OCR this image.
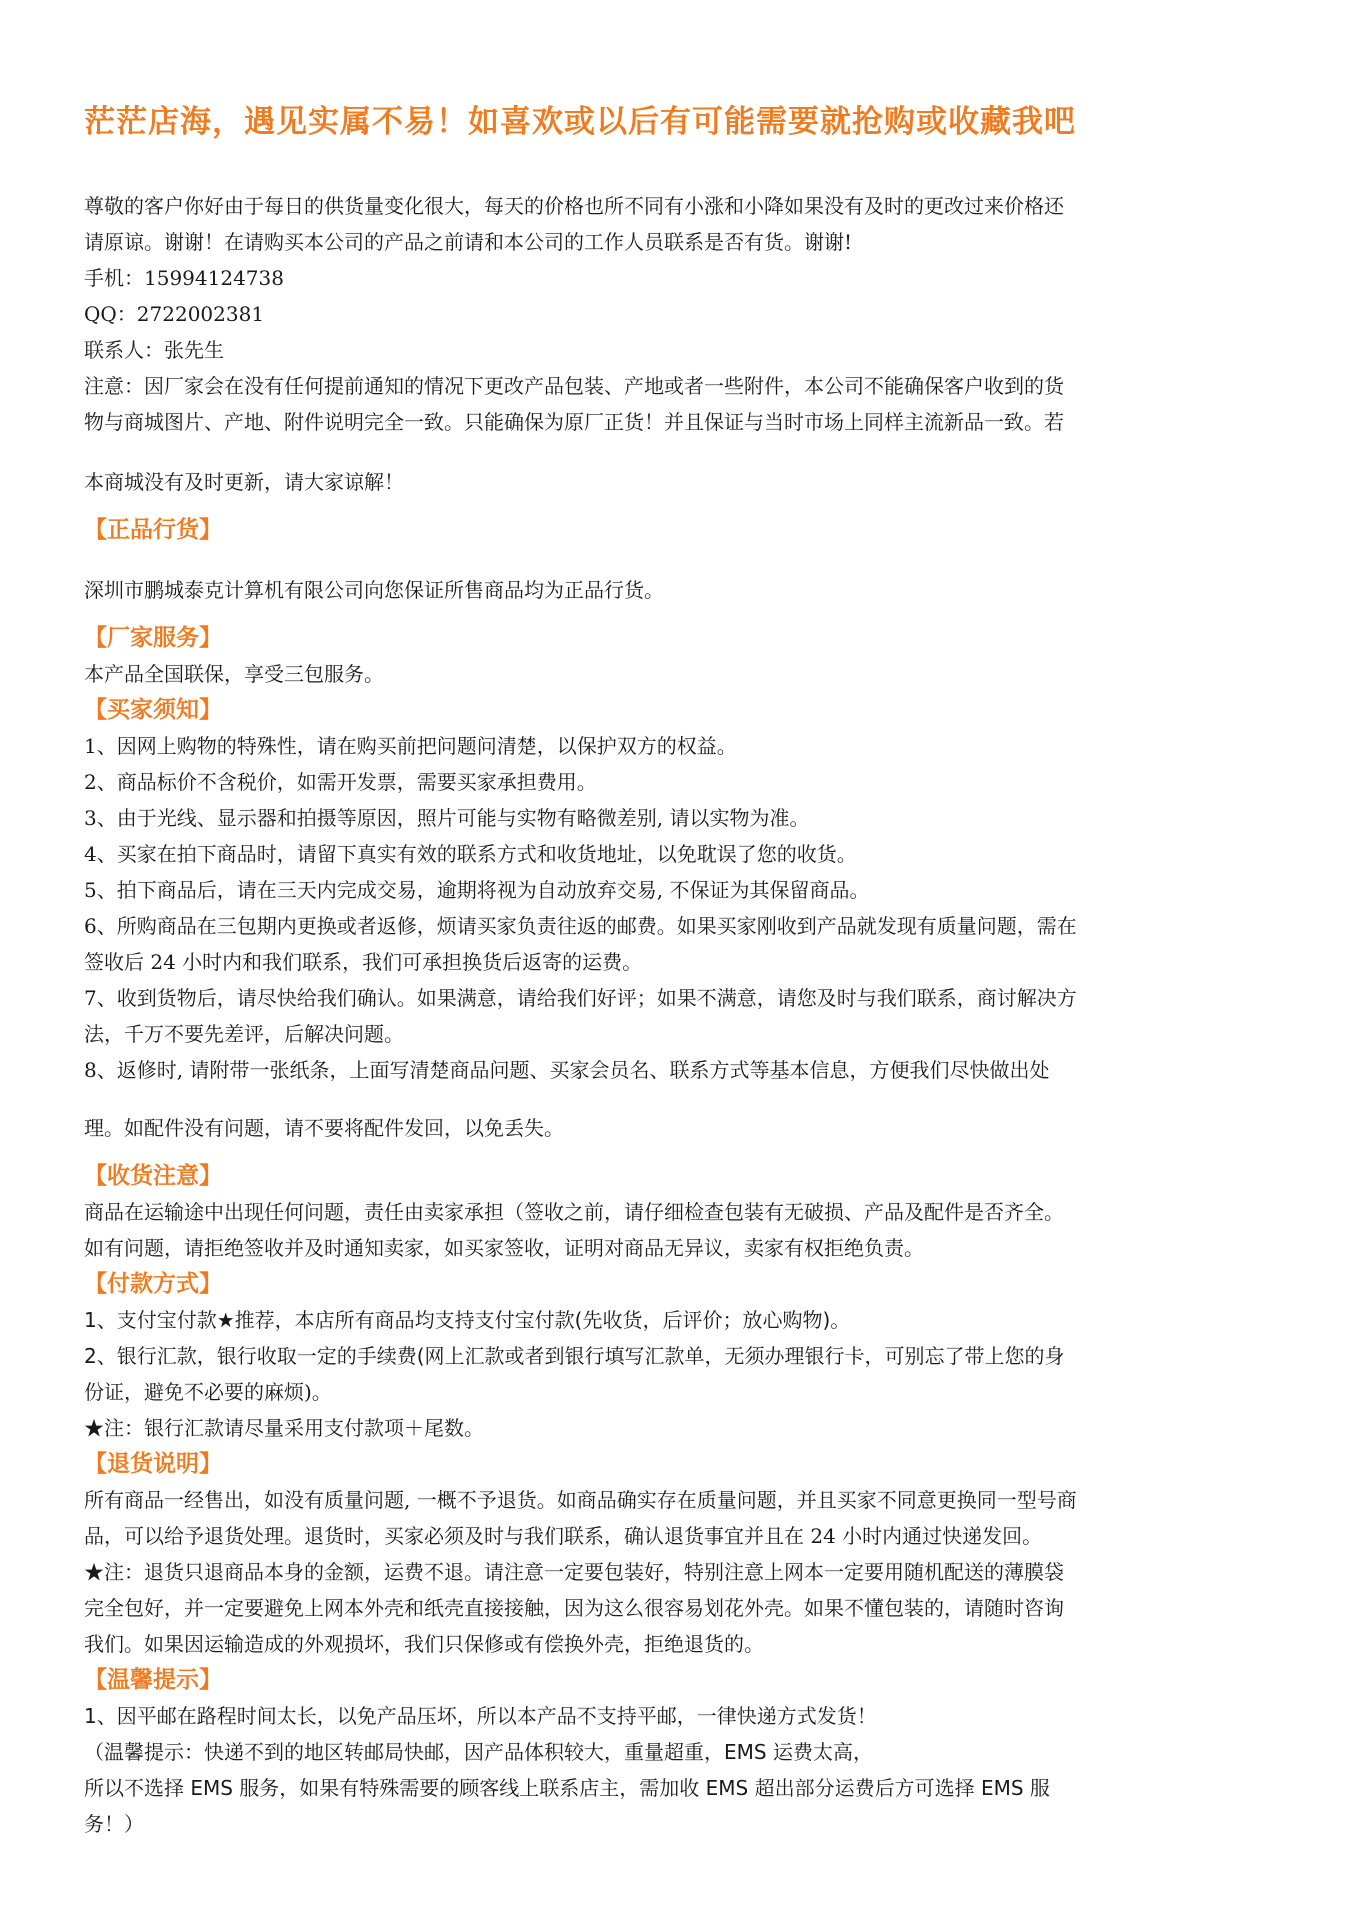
茫茫店海，遇见实属不易！如喜欢或以后有可能需要就抢购或收藏我吧

尊敬的客户你好由于每日的供货量变化很大，每天的价格也所不同有小涨和小降如果没有及时的更改过来价格还

请原谅。谢谢！在请购买本公司的产品之前请和本公司的工作人员联系是否有货。谢谢!

手机：15994124738

QQ：2722002381

联系人：张先生

注意：因厂家会在没有任何提前通知的情况下更改产品包装、产地或者一些附件，本公司不能确保客户收到的货

物与商城图片、产地、附件说明完全一致。只能确保为原厂正货！并且保证与当时市场上同样主流新品一致。若

本商城没有及时更新，请大家谅解！

【正品行货】

深圳市鹏城泰克计算机有限公司向您保证所售商品均为正品行货。

【厂家服务】

本产品全国联保，享受三包服务。

【买家须知】

1、因网上购物的特殊性，请在购买前把问题问清楚，以保护双方的权益。

2、商品标价不含税价，如需开发票，需要买家承担费用。

3、由于光线、显示器和拍摄等原因，照片可能与实物有略微差别, 请以实物为准。

4、买家在拍下商品时，请留下真实有效的联系方式和收货地址，以免耽误了您的收货。

5、拍下商品后，请在三天内完成交易，逾期将视为自动放弃交易, 不保证为其保留商品。

6、所购商品在三包期内更换或者返修，烦请买家负责往返的邮费。如果买家刚收到产品就发现有质量问题，需在

签收后 24 小时内和我们联系，我们可承担换货后返寄的运费。

7、收到货物后，请尽快给我们确认。如果满意，请给我们好评；如果不满意，请您及时与我们联系，商讨解决方

法，千万不要先差评，后解决问题。

8、返修时, 请附带一张纸条，上面写清楚商品问题、买家会员名、联系方式等基本信息，方便我们尽快做出处

理。如配件没有问题，请不要将配件发回，以免丢失。

【收货注意】

商品在运输途中出现任何问题，责任由卖家承担（签收之前，请仔细检查包装有无破损、产品及配件是否齐全。

如有问题，请拒绝签收并及时通知卖家，如买家签收，证明对商品无异议，卖家有权拒绝负责。

【付款方式】

1、支付宝付款★推荐，本店所有商品均支持支付宝付款(先收货，后评价；放心购物)。

2、银行汇款，银行收取一定的手续费(网上汇款或者到银行填写汇款单，无须办理银行卡，可别忘了带上您的身

份证，避免不必要的麻烦)。

★注：银行汇款请尽量采用支付款项＋尾数。

【退货说明】

所有商品一经售出，如没有质量问题, 一概不予退货。如商品确实存在质量问题，并且买家不同意更换同一型号商

品，可以给予退货处理。退货时，买家必须及时与我们联系，确认退货事宜并且在 24 小时内通过快递发回。

★注：退货只退商品本身的金额，运费不退。请注意一定要包装好，特别注意上网本一定要用随机配送的薄膜袋

完全包好，并一定要避免上网本外壳和纸壳直接接触，因为这么很容易划花外壳。如果不懂包装的，请随时咨询

我们。如果因运输造成的外观损坏，我们只保修或有偿换外壳，拒绝退货的。

【温馨提示】

1、因平邮在路程时间太长，以免产品压坏，所以本产品不支持平邮，一律快递方式发货！

（温馨提示：快递不到的地区转邮局快邮，因产品体积较大，重量超重，EMS 运费太高，

所以不选择 EMS 服务，如果有特殊需要的顾客线上联系店主，需加收 EMS 超出部分运费后方可选择 EMS 服

务！）
